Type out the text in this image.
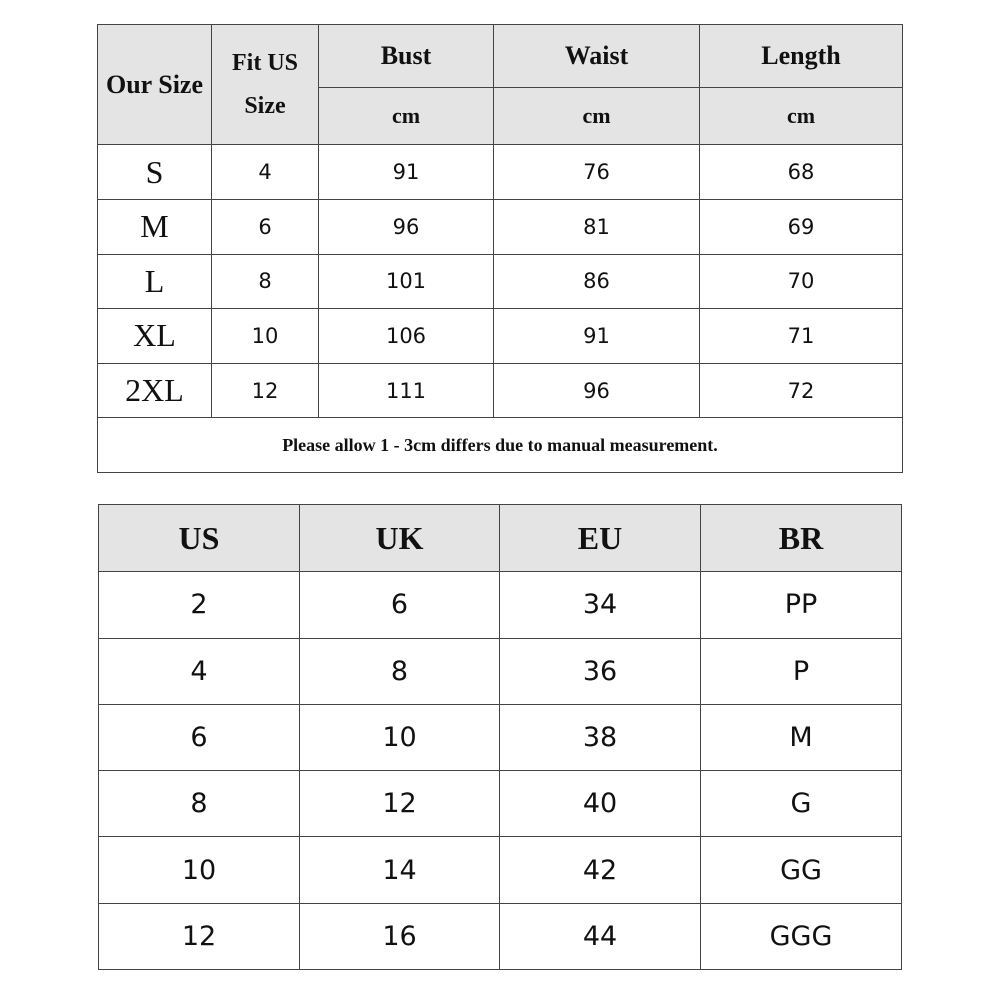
Our Size	Fit US Size	Bust	Waist	Length
		cm	cm	cm
S	4	91	76	68
M	6	96	81	69
L	8	101	86	70
XL	10	106	91	71
2XL	12	111	96	72
Please allow 1 - 3cm differs due to manual measurement.				
US	UK	EU	BR
2	6	34	PP
4	8	36	P
6	10	38	M
8	12	40	G
10	14	42	GG
12	16	44	GGG
